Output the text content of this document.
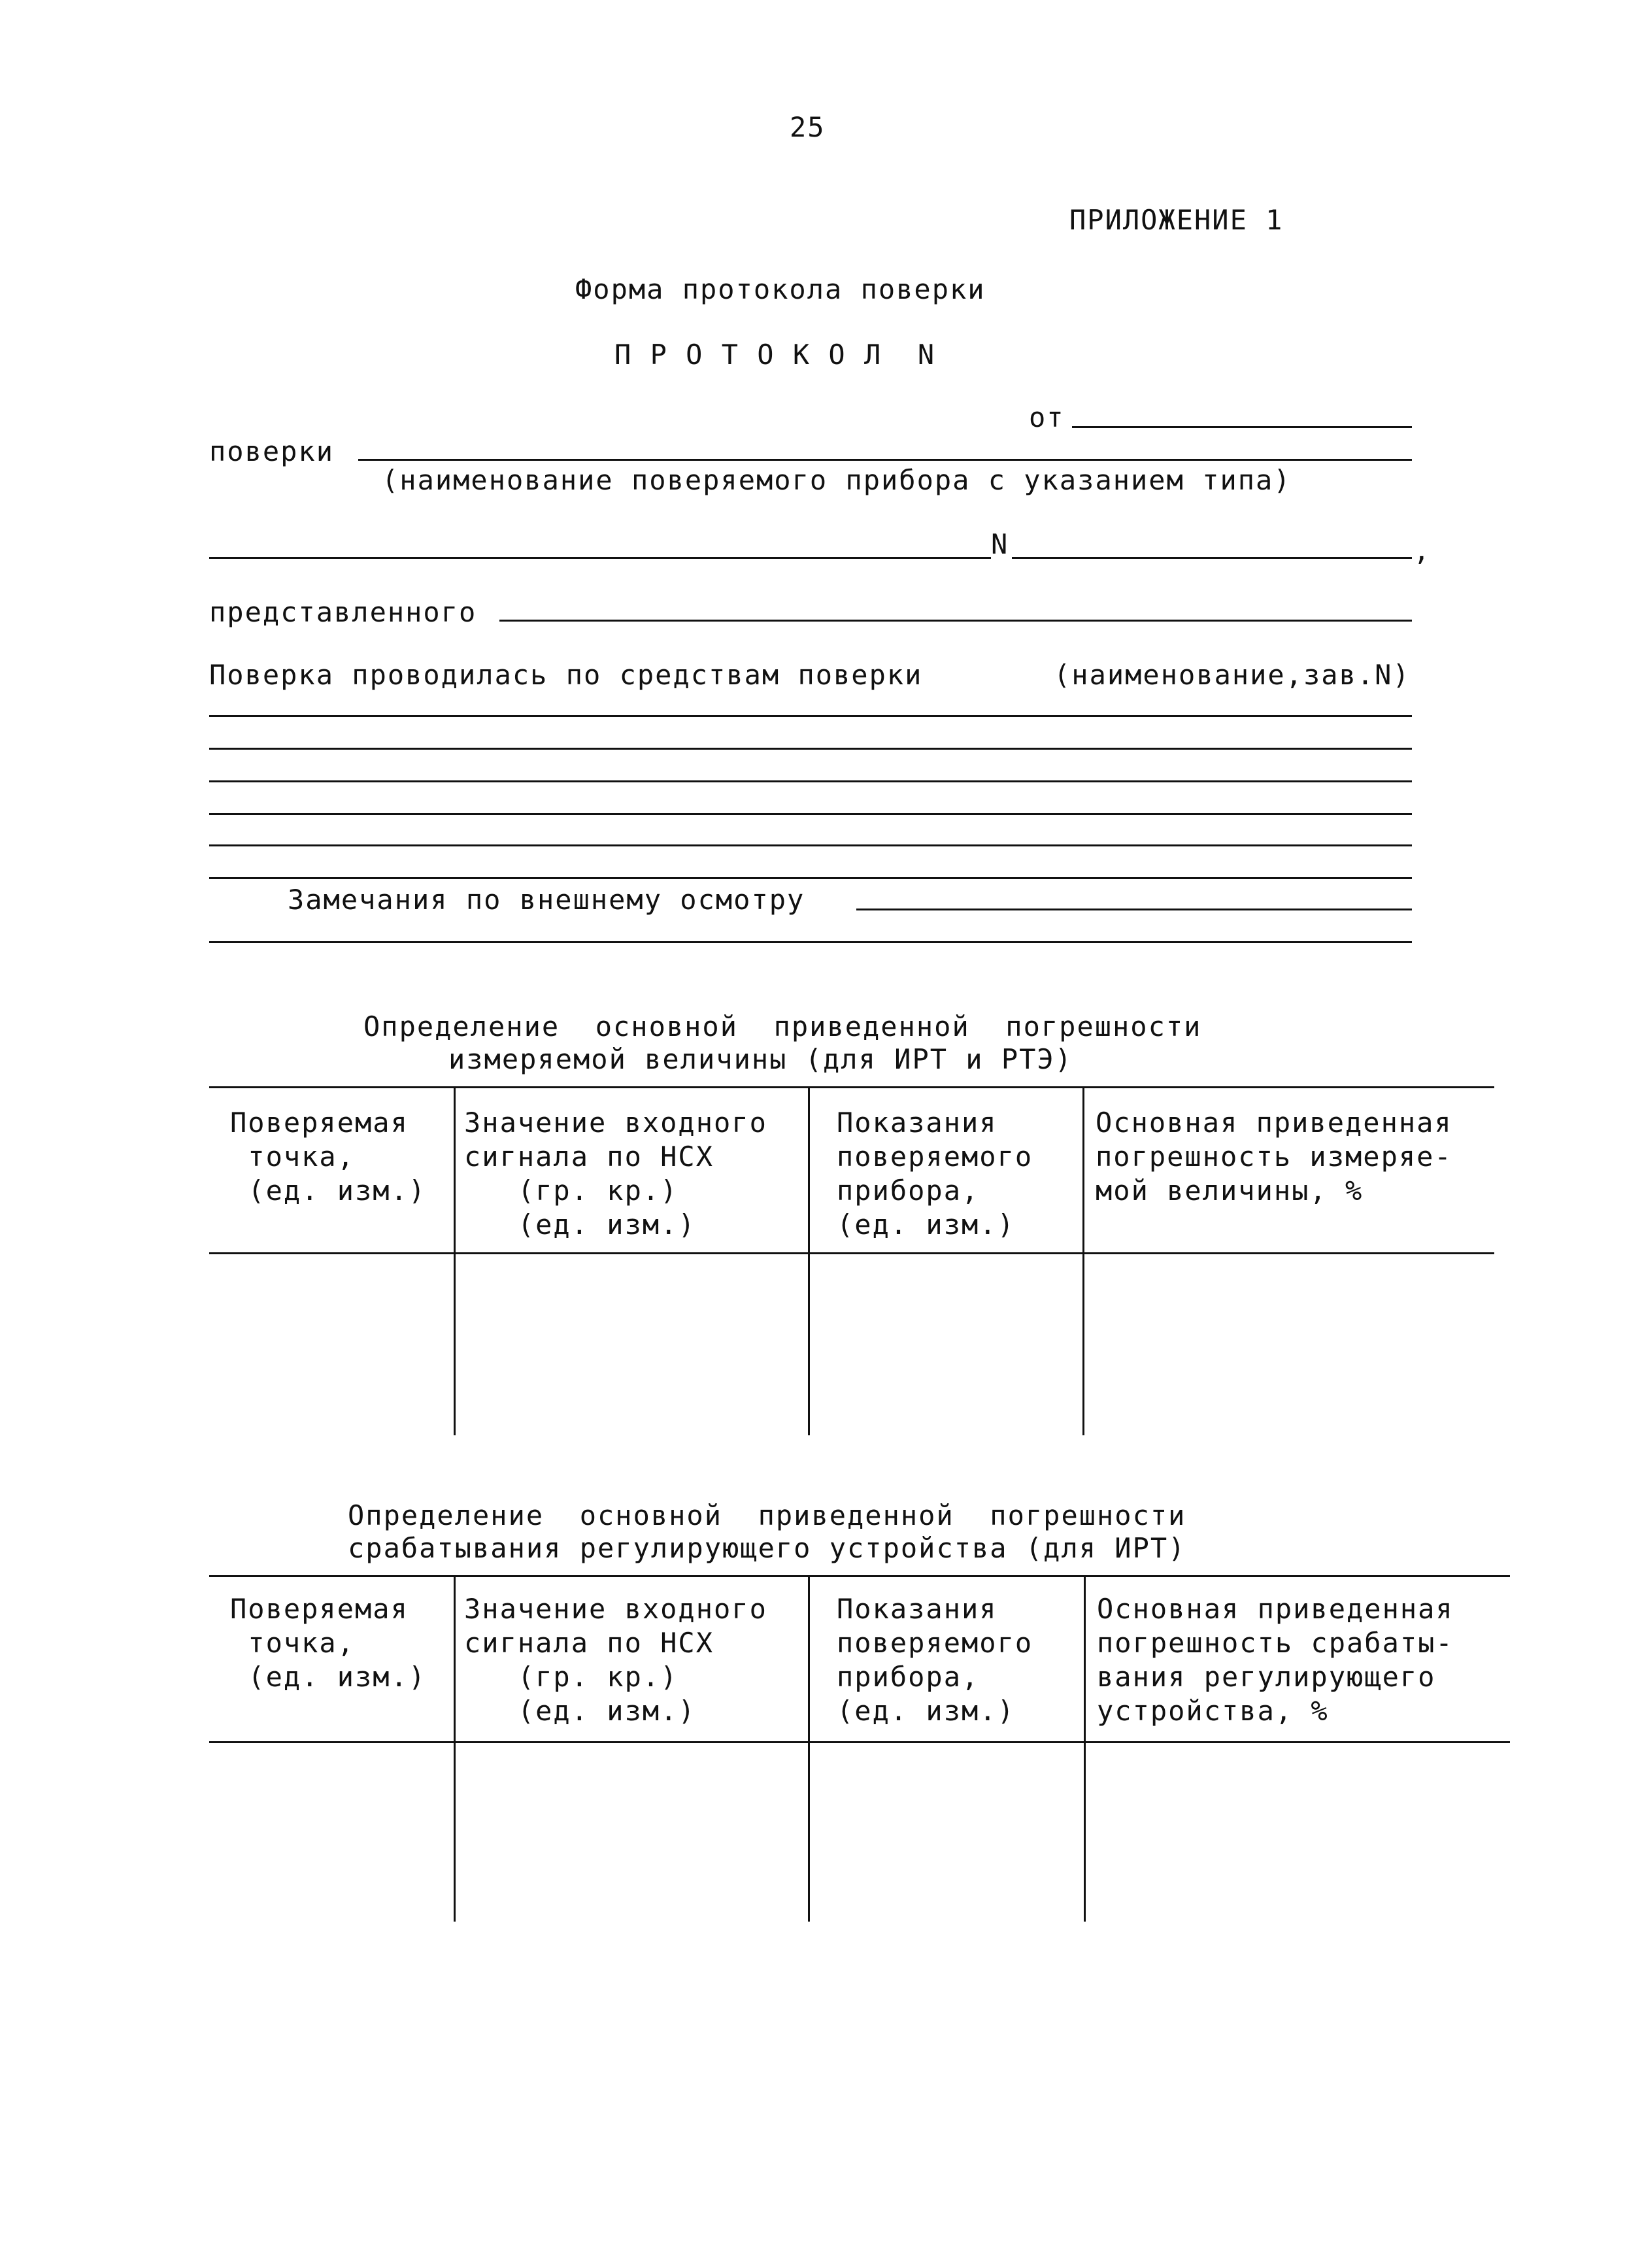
25
ПРИЛОЖЕНИЕ 1
Форма протокола поверки
П Р О Т О К О Л  N
от
поверки
(наименование поверяемого прибора с указанием типа)
N	,
представленного
Поверка проводилась по средствам поверки	(наименование,зав.N)
Замечания по внешнему осмотру
Определение  основной  приведенной  погрешности
измеряемой величины (для ИРТ и РТЭ)
Поверяемая
точка,
(ед. изм.)
Значение входного
сигнала по НСХ
(гр. кр.)
(ед. изм.)
Показания
поверяемого
прибора,
(ед. изм.)
Основная приведенная
погрешность измеряе-
мой величины, %
Определение  основной  приведенной  погрешности
срабатывания регулирующего устройства (для ИРТ)
Поверяемая
точка,
(ед. изм.)
Значение входного
сигнала по НСХ
(гр. кр.)
(ед. изм.)
Показания
поверяемого
прибора,
(ед. изм.)
Основная приведенная
погрешность срабаты-
вания регулирующего
устройства, %
